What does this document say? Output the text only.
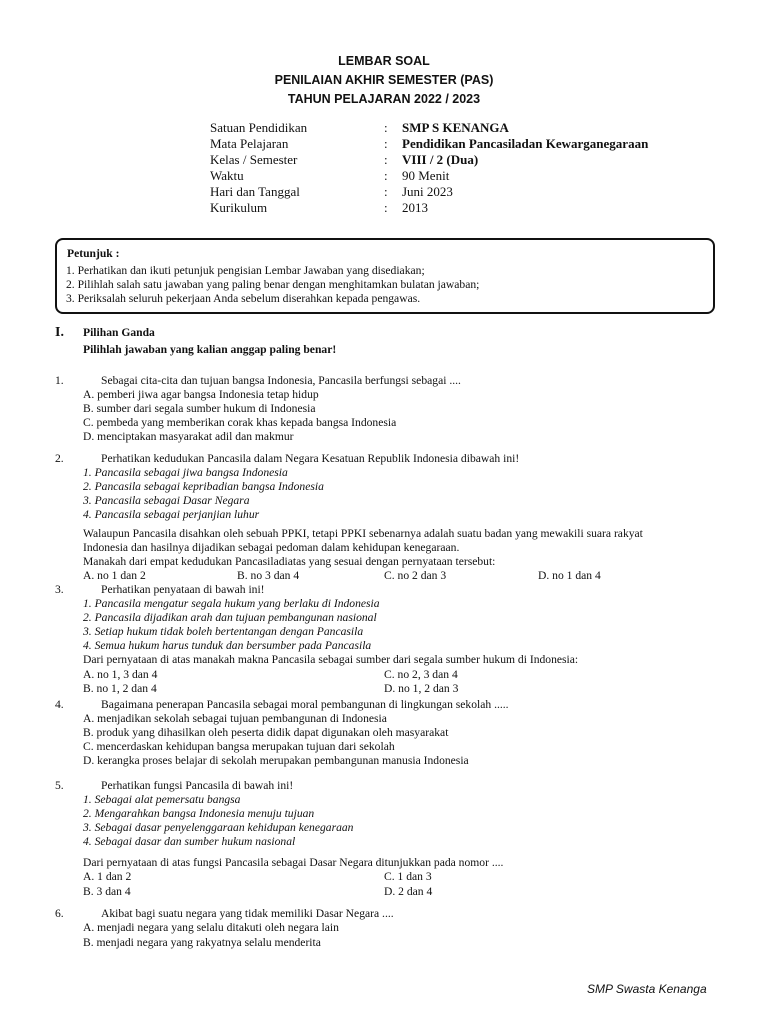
LEMBAR SOAL
PENILAIAN AKHIR SEMESTER (PAS)
TAHUN PELAJARAN 2022 / 2023
Satuan Pendidikan	: SMP S KENANGA
Mata Pelajaran	: Pendidikan Pancasiladan Kewarganegaraan
Kelas / Semester	: VIII / 2 (Dua)
Waktu	: 90 Menit
Hari dan Tanggal	: Juni 2023
Kurikulum	: 2013
Petunjuk :
1. Perhatikan dan ikuti petunjuk pengisian Lembar Jawaban yang disediakan;
2. Pilihlah salah satu jawaban yang paling benar dengan menghitamkan bulatan jawaban;
3. Periksalah seluruh pekerjaan Anda sebelum diserahkan kepada pengawas.
I. Pilihan Ganda
Pilihlah jawaban yang kalian anggap paling benar!
1.	Sebagai cita-cita dan tujuan bangsa Indonesia, Pancasila berfungsi sebagai ....
A. pemberi jiwa agar bangsa Indonesia tetap hidup
B. sumber dari segala sumber hukum di Indonesia
C. pembeda yang memberikan corak khas kepada bangsa Indonesia
D. menciptakan masyarakat adil dan makmur
2.	Perhatikan kedudukan Pancasila dalam Negara Kesatuan Republik Indonesia dibawah ini!
1. Pancasila sebagai jiwa bangsa Indonesia
2. Pancasila sebagai kepribadian bangsa Indonesia
3. Pancasila sebagai Dasar Negara
4. Pancasila sebagai perjanjian luhur
Walaupun Pancasila disahkan oleh sebuah PPKI, tetapi PPKI sebenarnya adalah suatu badan yang mewakili suara rakyat
Indonesia dan hasilnya dijadikan sebagai pedoman dalam kehidupan kenegaraan.
Manakah dari empat kedudukan Pancasiladiatas yang sesuai dengan pernyataan tersebut:
A. no 1 dan 2	B. no 3 dan 4	C. no 2 dan 3	D. no 1 dan 4
3.	Perhatikan penyataan di bawah ini!
1. Pancasila mengatur segala hukum yang berlaku di Indonesia
2. Pancasila dijadikan arah dan tujuan pembangunan nasional
3. Setiap hukum tidak boleh bertentangan dengan Pancasila
4. Semua hukum harus tunduk dan bersumber pada Pancasila
Dari pernyataan di atas manakah makna Pancasila sebagai sumber dari segala sumber hukum di Indonesia:
A. no 1, 3 dan 4
B. no 1, 2 dan 4
C. no 2, 3 dan 4
D. no 1, 2 dan 3
4.	Bagaimana penerapan Pancasila sebagai moral pembangunan di lingkungan sekolah .....
A. menjadikan sekolah sebagai tujuan pembangunan di Indonesia
B. produk yang dihasilkan oleh peserta didik dapat digunakan oleh masyarakat
C. mencerdaskan kehidupan bangsa merupakan tujuan dari sekolah
D. kerangka proses belajar di sekolah merupakan pembangunan manusia Indonesia
5.	Perhatikan fungsi Pancasila di bawah ini!
1. Sebagai alat pemersatu bangsa
2. Mengarahkan bangsa Indonesia menuju tujuan
3. Sebagai dasar penyelenggaraan kehidupan kenegaraan
4. Sebagai dasar dan sumber hukum nasional
Dari pernyataan di atas fungsi Pancasila sebagai Dasar Negara ditunjukkan pada nomor ....
A. 1 dan 2
B. 3 dan 4
C. 1 dan 3
D. 2 dan 4
6.	Akibat bagi suatu negara yang tidak memiliki Dasar Negara ....
A. menjadi negara yang selalu ditakuti oleh negara lain
B. menjadi negara yang rakyatnya selalu menderita
SMP Swasta Kenanga
